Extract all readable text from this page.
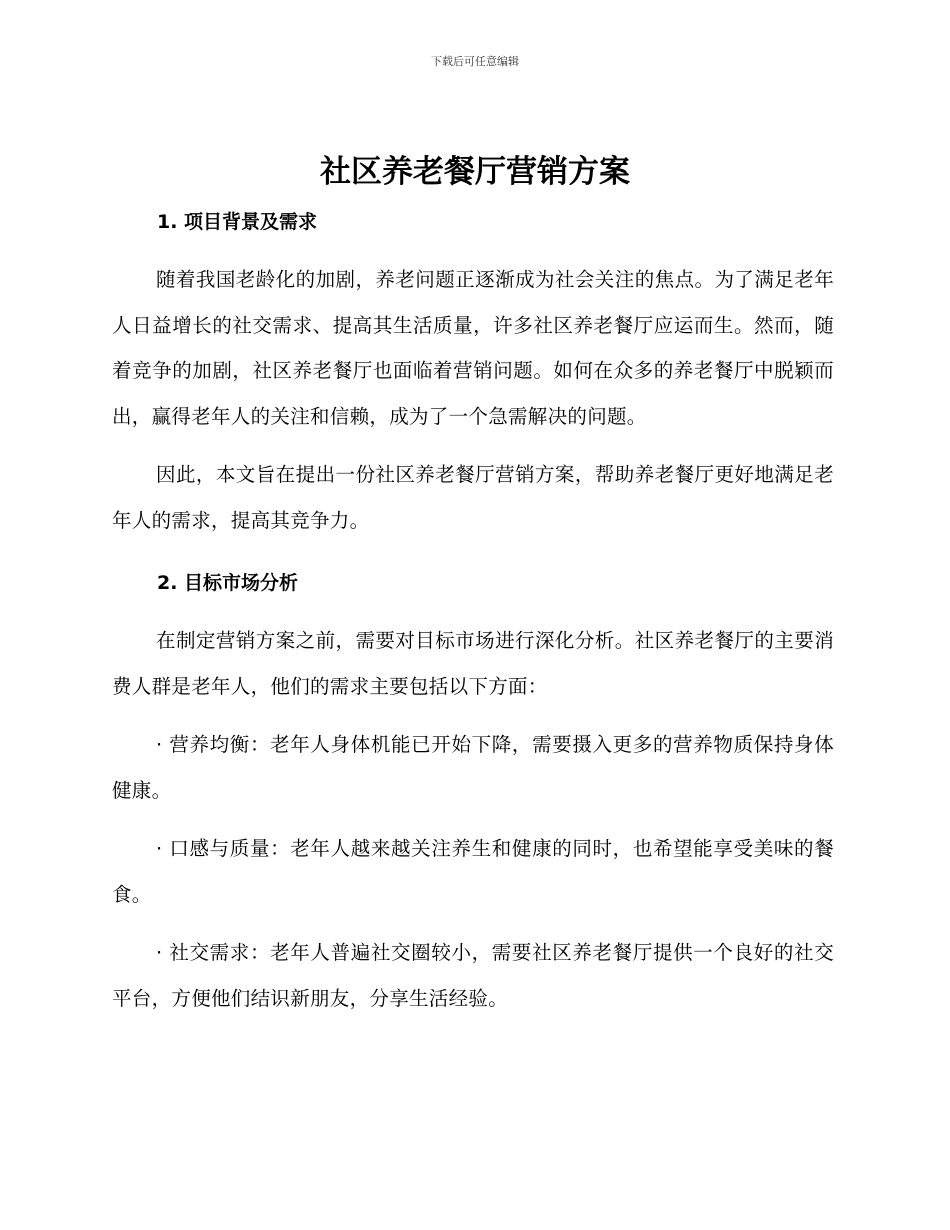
下载后可任意编辑
社区养老餐厅营销方案
1. 项目背景及需求

随着我国老龄化的加剧，养老问题正逐渐成为社会关注的焦点。为了满足老年人日益增长的社交需求、提高其生活质量，许多社区养老餐厅应运而生。然而，随着竞争的加剧，社区养老餐厅也面临着营销问题。如何在众多的养老餐厅中脱颖而出，赢得老年人的关注和信赖，成为了一个急需解决的问题。

因此，本文旨在提出一份社区养老餐厅营销方案，帮助养老餐厅更好地满足老年人的需求，提高其竞争力。

2. 目标市场分析

在制定营销方案之前，需要对目标市场进行深化分析。社区养老餐厅的主要消费人群是老年人，他们的需求主要包括以下方面：

· 营养均衡：老年人身体机能已开始下降，需要摄入更多的营养物质保持身体健康。

· 口感与质量：老年人越来越关注养生和健康的同时，也希望能享受美味的餐食。

· 社交需求：老年人普遍社交圈较小，需要社区养老餐厅提供一个良好的社交平台，方便他们结识新朋友，分享生活经验。
